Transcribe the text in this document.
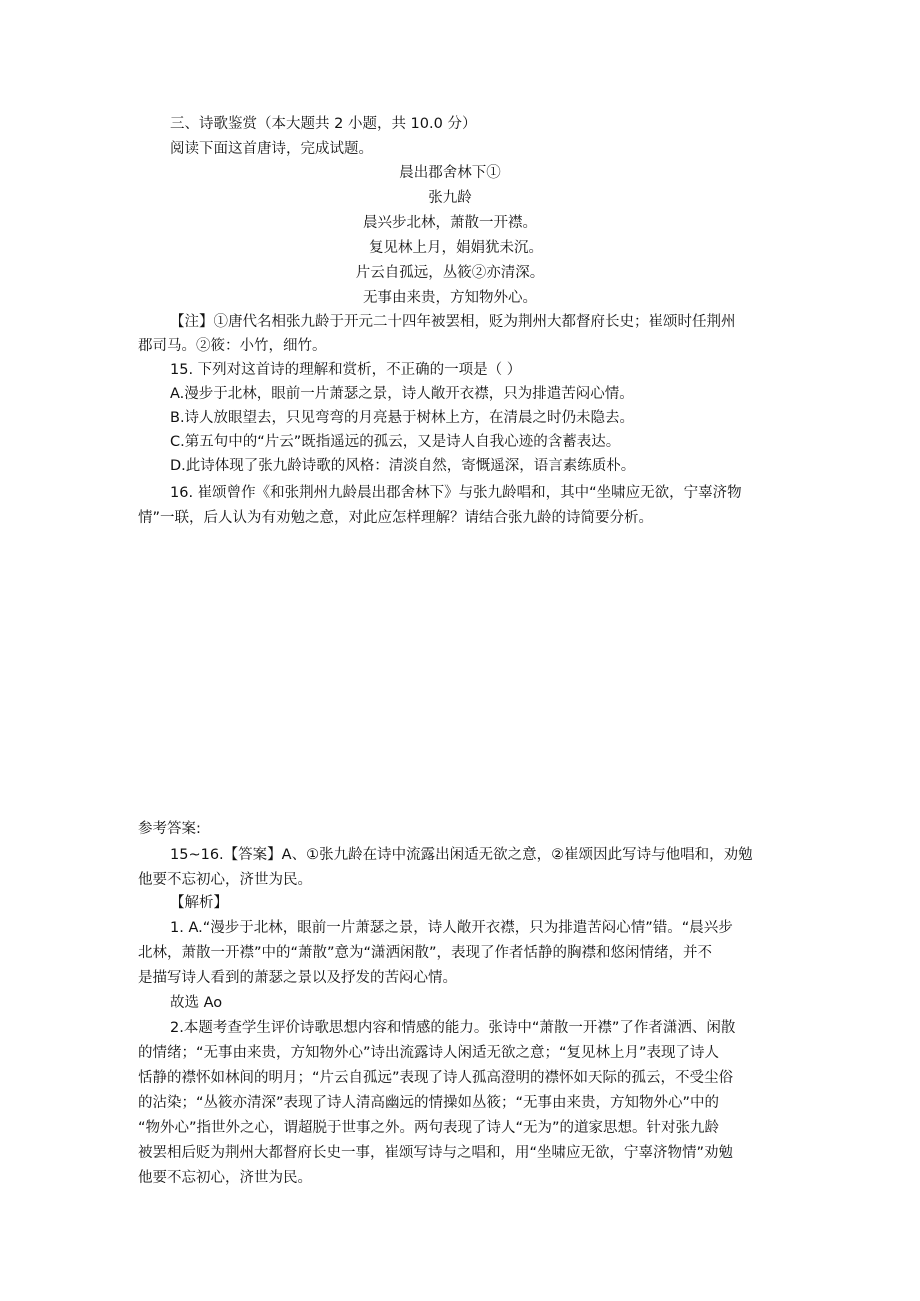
三、诗歌鉴赏（本大题共 2 小题，共 10.0 分）
阅读下面这首唐诗，完成试题。
晨出郡舍林下①
张九龄
晨兴步北林，萧散一开襟。
复见林上月，娟娟犹未沉。
片云自孤远，丛筱②亦清深。
无事由来贵，方知物外心。
【注】①唐代名相张九龄于开元二十四年被罢相，贬为荆州大都督府长史；崔颂时任荆州
郡司马。②筱：小竹，细竹。
15. 下列对这首诗的理解和赏析，不正确的一项是（ ）
A.漫步于北林，眼前一片萧瑟之景，诗人敞开衣襟，只为排遣苦闷心情。
B.诗人放眼望去，只见弯弯的月亮悬于树林上方，在清晨之时仍未隐去。
C.第五句中的“片云”既指遥远的孤云，又是诗人自我心迹的含蓄表达。
D.此诗体现了张九龄诗歌的风格：清淡自然，寄慨遥深，语言素练质朴。
16. 崔颂曾作《和张荆州九龄晨出郡舍林下》与张九龄唱和，其中“坐啸应无欲，宁辜济物
情”一联，后人认为有劝勉之意，对此应怎样理解？请结合张九龄的诗简要分析。
参考答案:
15~16.【答案】A、①张九龄在诗中流露出闲适无欲之意，②崔颂因此写诗与他唱和，劝勉
他要不忘初心，济世为民。
【解析】
1. A.“漫步于北林，眼前一片萧瑟之景，诗人敞开衣襟，只为排遣苦闷心情”错。“晨兴步
北林，萧散一开襟”中的“萧散”意为“潇洒闲散”，表现了作者恬静的胸襟和悠闲情绪，并不
是描写诗人看到的萧瑟之景以及抒发的苦闷心情。
故选 Ao
2.本题考查学生评价诗歌思想内容和情感的能力。张诗中“萧散一开襟”了作者潇洒、闲散
的情绪；“无事由来贵，方知物外心”诗出流露诗人闲适无欲之意；“复见林上月”表现了诗人
恬静的襟怀如林间的明月；“片云自孤远”表现了诗人孤高澄明的襟怀如天际的孤云，不受尘俗
的沾染；“丛筱亦清深”表现了诗人清高幽远的情操如丛筱；“无事由来贵，方知物外心”中的
“物外心”指世外之心，谓超脱于世事之外。两句表现了诗人“无为”的道家思想。针对张九龄
被罢相后贬为荆州大都督府长史一事，崔颂写诗与之唱和，用“坐啸应无欲，宁辜济物情”劝勉
他要不忘初心，济世为民。
